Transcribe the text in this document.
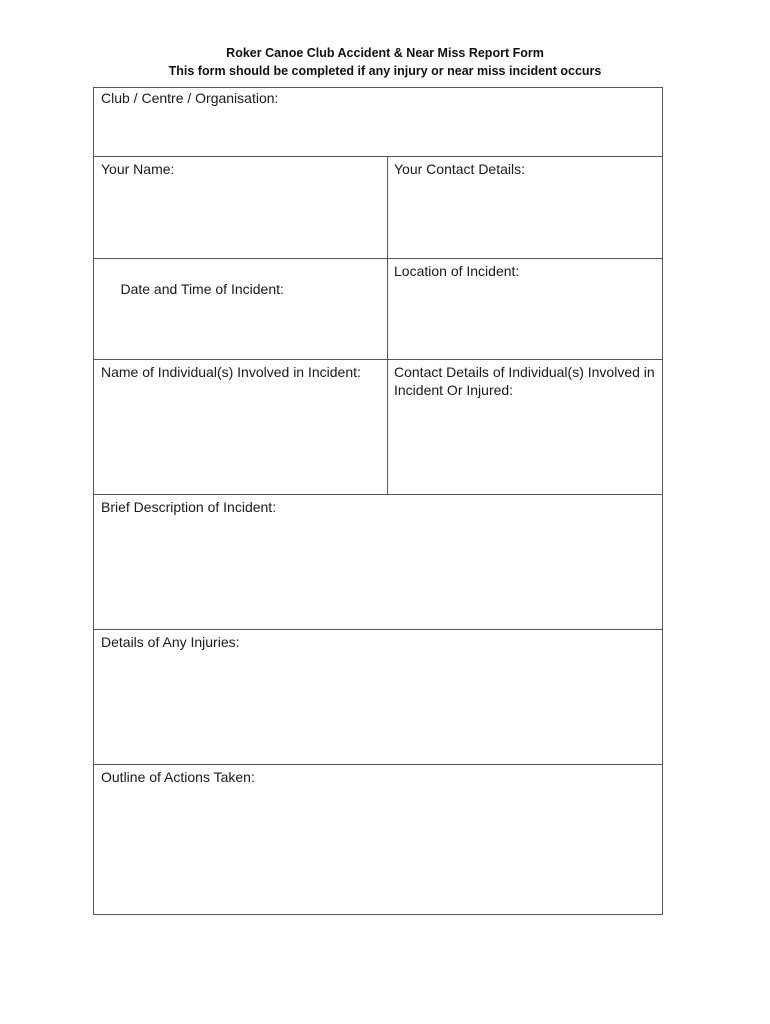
Roker Canoe Club Accident & Near Miss Report Form
This form should be completed if any injury or near miss incident occurs
Club / Centre / Organisation:
Your Name:	Your Contact Details:

Date and Time of Incident:

Location of Incident:
Name of Individual(s) Involved in Incident:	Contact Details of Individual(s) Involved in Incident Or Injured:
Brief Description of Incident:
Details of Any Injuries:
Outline of Actions Taken:
